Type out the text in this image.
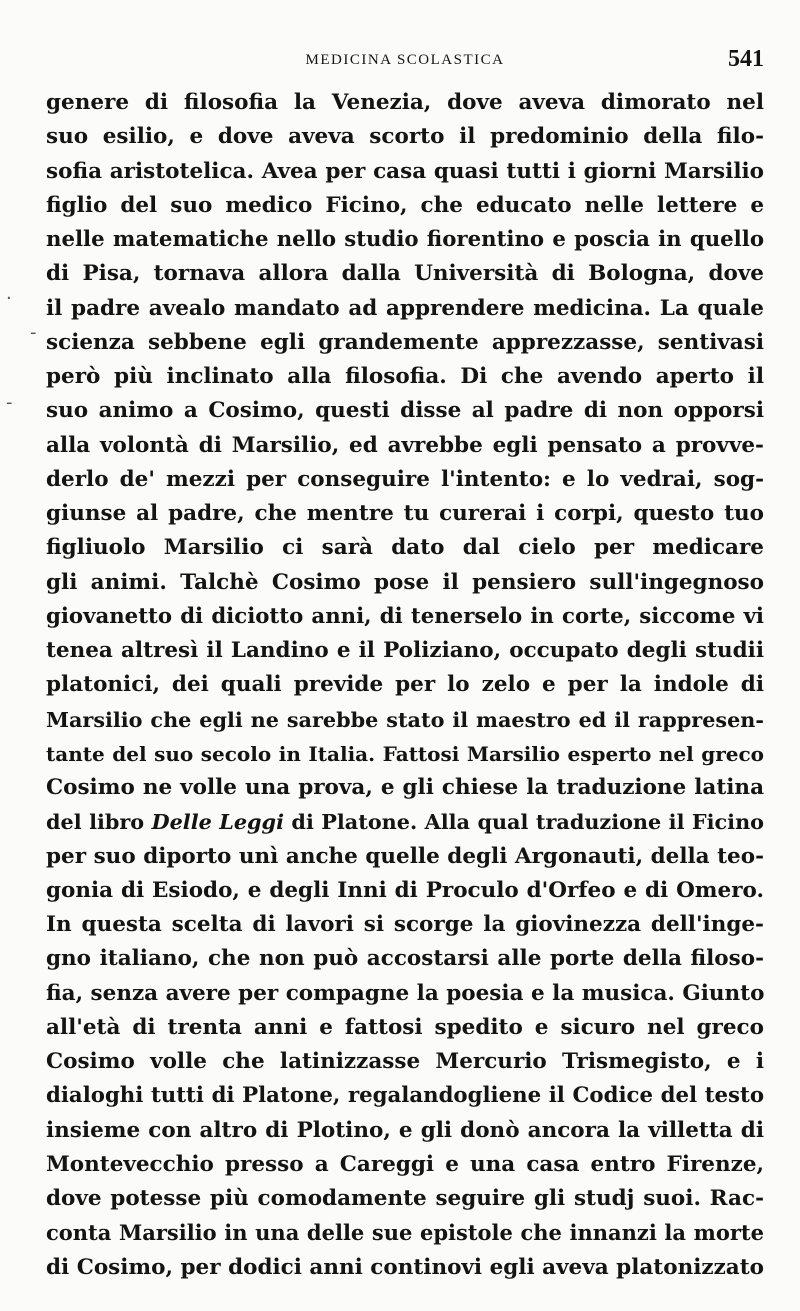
MEDICINA SCOLASTICA	541
·
-
-
genere di filosofia la Venezia, dove aveva dimorato nel
suo esilio, e dove aveva scorto il predominio della filo-
sofia aristotelica. Avea per casa quasi tutti i giorni Marsilio
figlio del suo medico Ficino, che educato nelle lettere e
nelle matematiche nello studio fiorentino e poscia in quello
di Pisa, tornava allora dalla Università di Bologna, dove
il padre avealo mandato ad apprendere medicina. La quale
scienza sebbene egli grandemente apprezzasse, sentivasi
però più inclinato alla filosofia. Di che avendo aperto il
suo animo a Cosimo, questi disse al padre di non opporsi
alla volontà di Marsilio, ed avrebbe egli pensato a provve-
derlo de' mezzi per conseguire l'intento: e lo vedrai, sog-
giunse al padre, che mentre tu curerai i corpi, questo tuo
figliuolo Marsilio ci sarà dato dal cielo per medicare
gli animi. Talchè Cosimo pose il pensiero sull'ingegnoso
giovanetto di diciotto anni, di tenerselo in corte, siccome vi
tenea altresì il Landino e il Poliziano, occupato degli studii
platonici, dei quali previde per lo zelo e per la indole di
Marsilio che egli ne sarebbe stato il maestro ed il rappresen-
tante del suo secolo in Italia. Fattosi Marsilio esperto nel greco
Cosimo ne volle una prova, e gli chiese la traduzione latina
del libro Delle Leggi di Platone. Alla qual traduzione il Ficino
per suo diporto unì anche quelle degli Argonauti, della teo-
gonia di Esiodo, e degli Inni di Proculo d'Orfeo e di Omero.
In questa scelta di lavori si scorge la giovinezza dell'inge-
gno italiano, che non può accostarsi alle porte della filoso-
fia, senza avere per compagne la poesia e la musica. Giunto
all'età di trenta anni e fattosi spedito e sicuro nel greco
Cosimo volle che latinizzasse Mercurio Trismegisto, e i
dialoghi tutti di Platone, regalandogliene il Codice del testo
insieme con altro di Plotino, e gli donò ancora la villetta di
Montevecchio presso a Careggi e una casa entro Firenze,
dove potesse più comodamente seguire gli studj suoi. Rac-
conta Marsilio in una delle sue epistole che innanzi la morte
di Cosimo, per dodici anni continovi egli aveva platonizzato
